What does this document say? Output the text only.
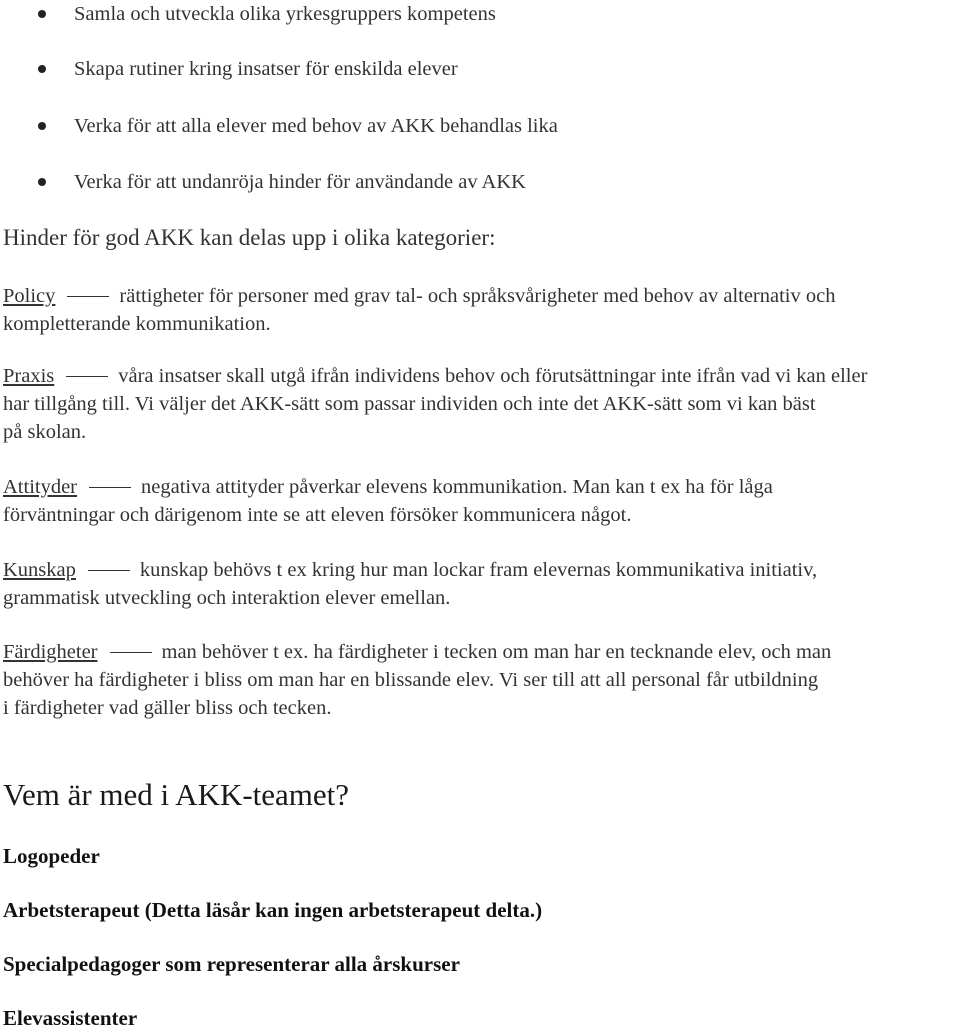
Samla och utveckla olika yrkesgruppers kompetens
Skapa rutiner kring insatser för enskilda elever
Verka för att alla elever med behov av AKK behandlas lika
Verka för att undanröja hinder för användande av AKK
Hinder för god AKK kan delas upp i olika kategorier:
Policy	rättigheter för personer med grav tal- och språksvårigheter med behov av alternativ och
kompletterande kommunikation.
Praxis	våra insatser skall utgå ifrån individens behov och förutsättningar inte ifrån vad vi kan eller
har tillgång till. Vi väljer det AKK-sätt som passar individen och inte det AKK-sätt som vi kan bäst
på skolan.
Attityder	negativa attityder påverkar elevens kommunikation. Man kan t ex ha för låga
förväntningar och därigenom inte se att eleven försöker kommunicera något.
Kunskap	kunskap behövs t ex kring hur man lockar fram elevernas kommunikativa initiativ,
grammatisk utveckling och interaktion elever emellan.
Färdigheter	man behöver t ex. ha färdigheter i tecken om man har en tecknande elev, och man
behöver ha färdigheter i bliss om man har en blissande elev. Vi ser till att all personal får utbildning
i färdigheter vad gäller bliss och tecken.
Vem är med i AKK-teamet?
Logopeder
Arbetsterapeut (Detta läsår kan ingen arbetsterapeut delta.)
Specialpedagoger som representerar alla årskurser
Elevassistenter
